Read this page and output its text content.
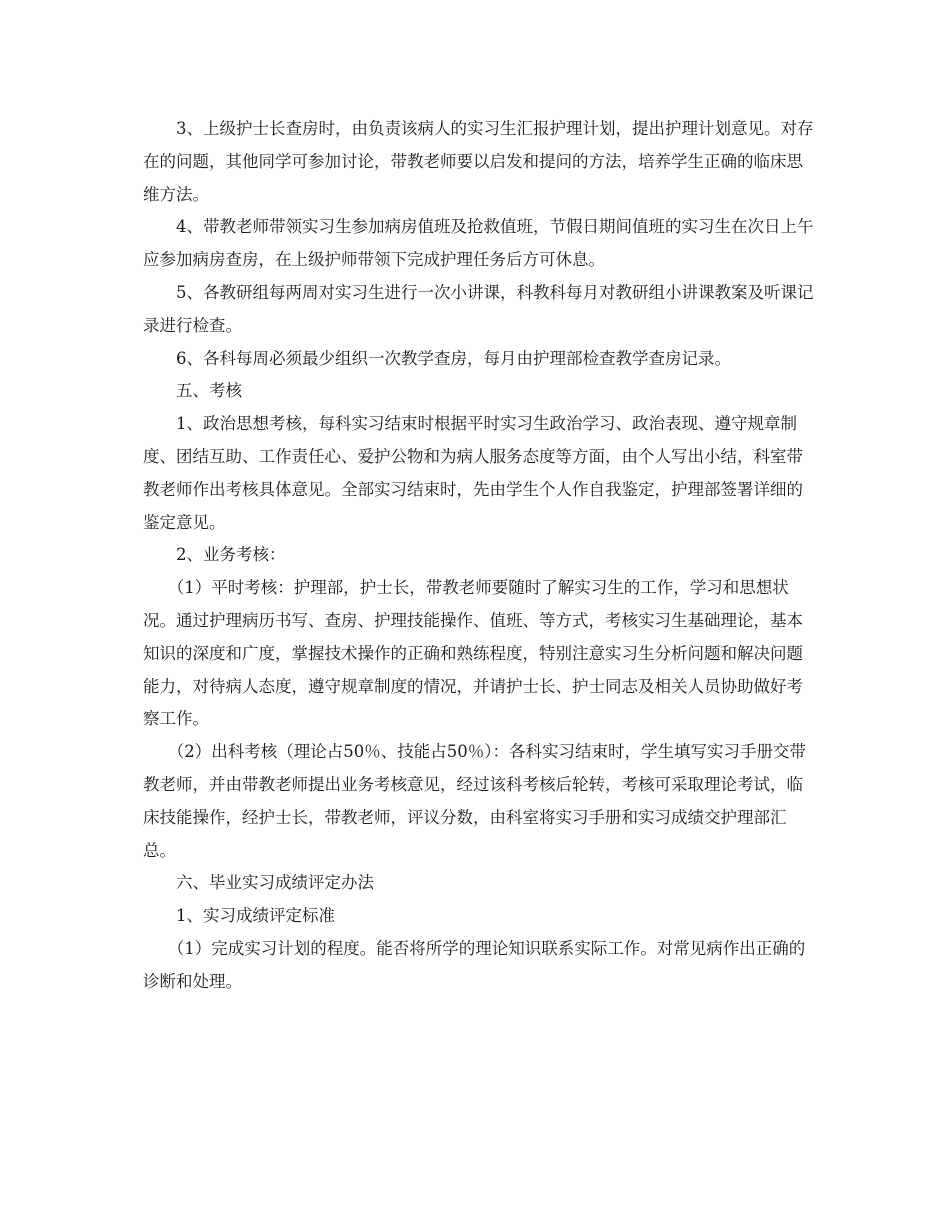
3、上级护士长查房时，由负责该病人的实习生汇报护理计划，提出护理计划意见。对存在的问题，其他同学可参加讨论，带教老师要以启发和提问的方法，培养学生正确的临床思维方法。

4、带教老师带领实习生参加病房值班及抢救值班，节假日期间值班的实习生在次日上午应参加病房查房，在上级护师带领下完成护理任务后方可休息。

5、各教研组每两周对实习生进行一次小讲课，科教科每月对教研组小讲课教案及听课记录进行检查。

6、各科每周必须最少组织一次教学查房，每月由护理部检查教学查房记录。

五、考核

1、政治思想考核，每科实习结束时根据平时实习生政治学习、政治表现、遵守规章制度、团结互助、工作责任心、爱护公物和为病人服务态度等方面，由个人写出小结，科室带教老师作出考核具体意见。全部实习结束时，先由学生个人作自我鉴定，护理部签署详细的鉴定意见。

2、业务考核：

（1）平时考核：护理部，护士长，带教老师要随时了解实习生的工作，学习和思想状况。通过护理病历书写、查房、护理技能操作、值班、等方式，考核实习生基础理论，基本知识的深度和广度，掌握技术操作的正确和熟练程度，特别注意实习生分析问题和解决问题能力，对待病人态度，遵守规章制度的情况，并请护士长、护士同志及相关人员协助做好考察工作。

（2）出科考核（理论占50％、技能占50％）：各科实习结束时，学生填写实习手册交带教老师，并由带教老师提出业务考核意见，经过该科考核后轮转，考核可采取理论考试，临床技能操作，经护士长，带教老师，评议分数，由科室将实习手册和实习成绩交护理部汇总。

六、毕业实习成绩评定办法

1、实习成绩评定标准

（1）完成实习计划的程度。能否将所学的理论知识联系实际工作。对常见病作出正确的诊断和处理。
